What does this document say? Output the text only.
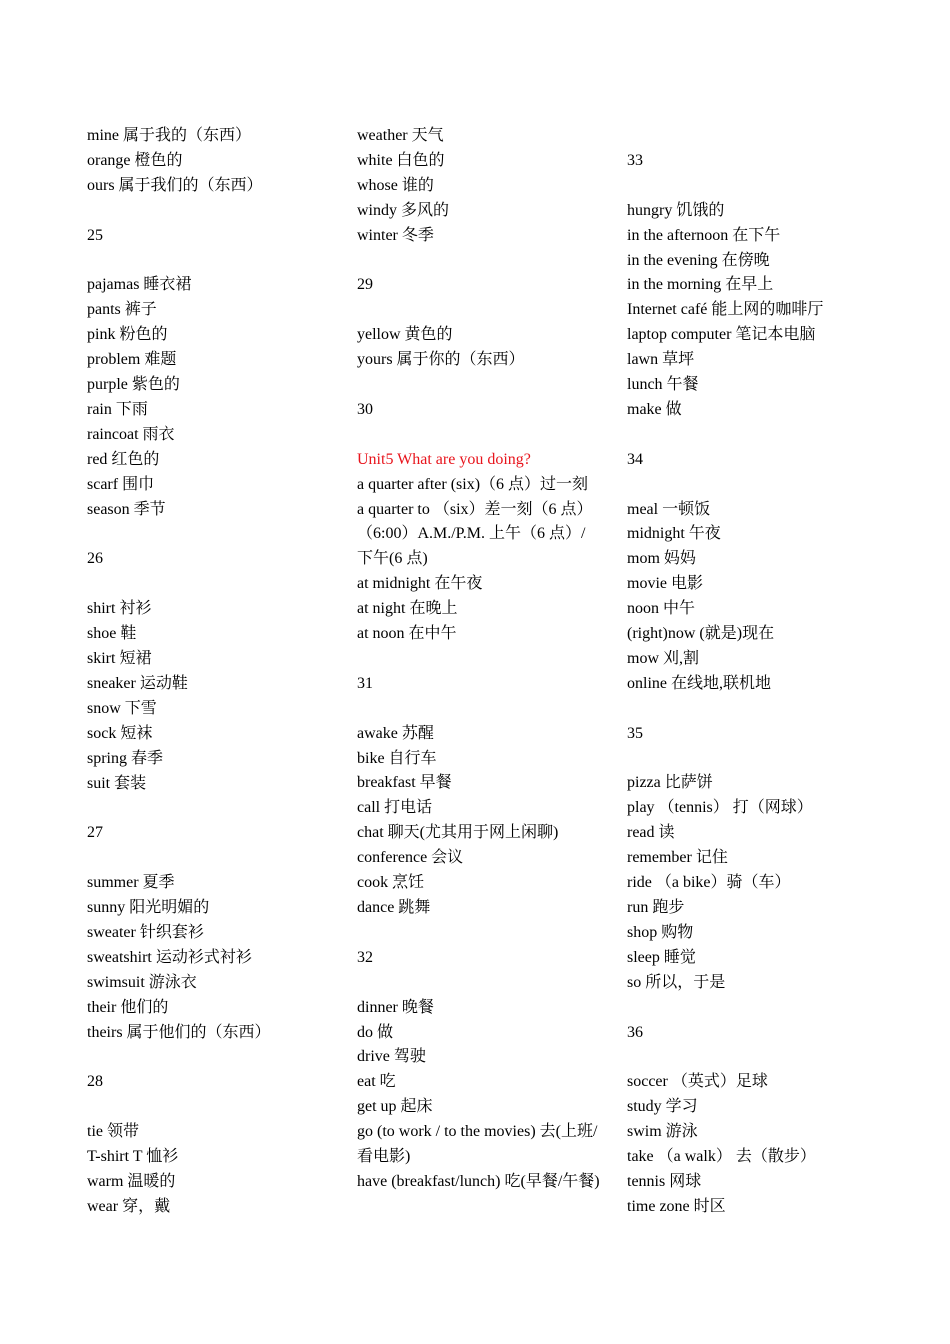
mine 属于我的（东西）
orange 橙色的
ours 属于我们的（东西）
25
pajamas 睡衣裙
pants 裤子
pink 粉色的
problem 难题
purple 紫色的
rain 下雨
raincoat 雨衣
red 红色的
scarf 围巾
season 季节
26
shirt 衬衫
shoe 鞋
skirt 短裙
sneaker 运动鞋
snow 下雪
sock 短袜
spring 春季
suit 套装
27
summer 夏季
sunny 阳光明媚的
sweater 针织套衫
sweatshirt 运动衫式衬衫
swimsuit 游泳衣
their 他们的
theirs 属于他们的（东西）
28
tie 领带
T-shirt T 恤衫
warm 温暖的
wear 穿，戴
weather 天气
white 白色的
whose 谁的
windy 多风的
winter 冬季
29
yellow 黄色的
yours 属于你的（东西）
30
Unit5 What are you doing?
a quarter after (six)（6 点）过一刻
a quarter to （six）差一刻（6 点）
（6:00）A.M./P.M. 上午（6 点）/ 下午(6 点)
at midnight 在午夜
at night 在晚上
at noon 在中午
31
awake 苏醒
bike 自行车
breakfast 早餐
call 打电话
chat 聊天(尤其用于网上闲聊)
conference 会议
cook 烹饪
dance 跳舞
32
dinner 晚餐
do 做
drive 驾驶
eat 吃
get up 起床
go (to work / to the movies) 去(上班/看电影)
have (breakfast/lunch) 吃(早餐/午餐)
33
hungry 饥饿的
in the afternoon 在下午
in the evening 在傍晚
in the morning 在早上
Internet café 能上网的咖啡厅
laptop computer 笔记本电脑
lawn 草坪
lunch 午餐
make 做
34
meal 一顿饭
midnight 午夜
mom 妈妈
movie 电影
noon 中午
(right)now (就是)现在
mow 刈,割
online 在线地,联机地
35
pizza 比萨饼
play （tennis） 打（网球）
read 读
remember 记住
ride （a bike）骑（车）
run 跑步
shop 购物
sleep 睡觉
so 所以，于是
36
soccer （英式）足球
study 学习
swim 游泳
take （a walk） 去（散步）
tennis 网球
time zone 时区
